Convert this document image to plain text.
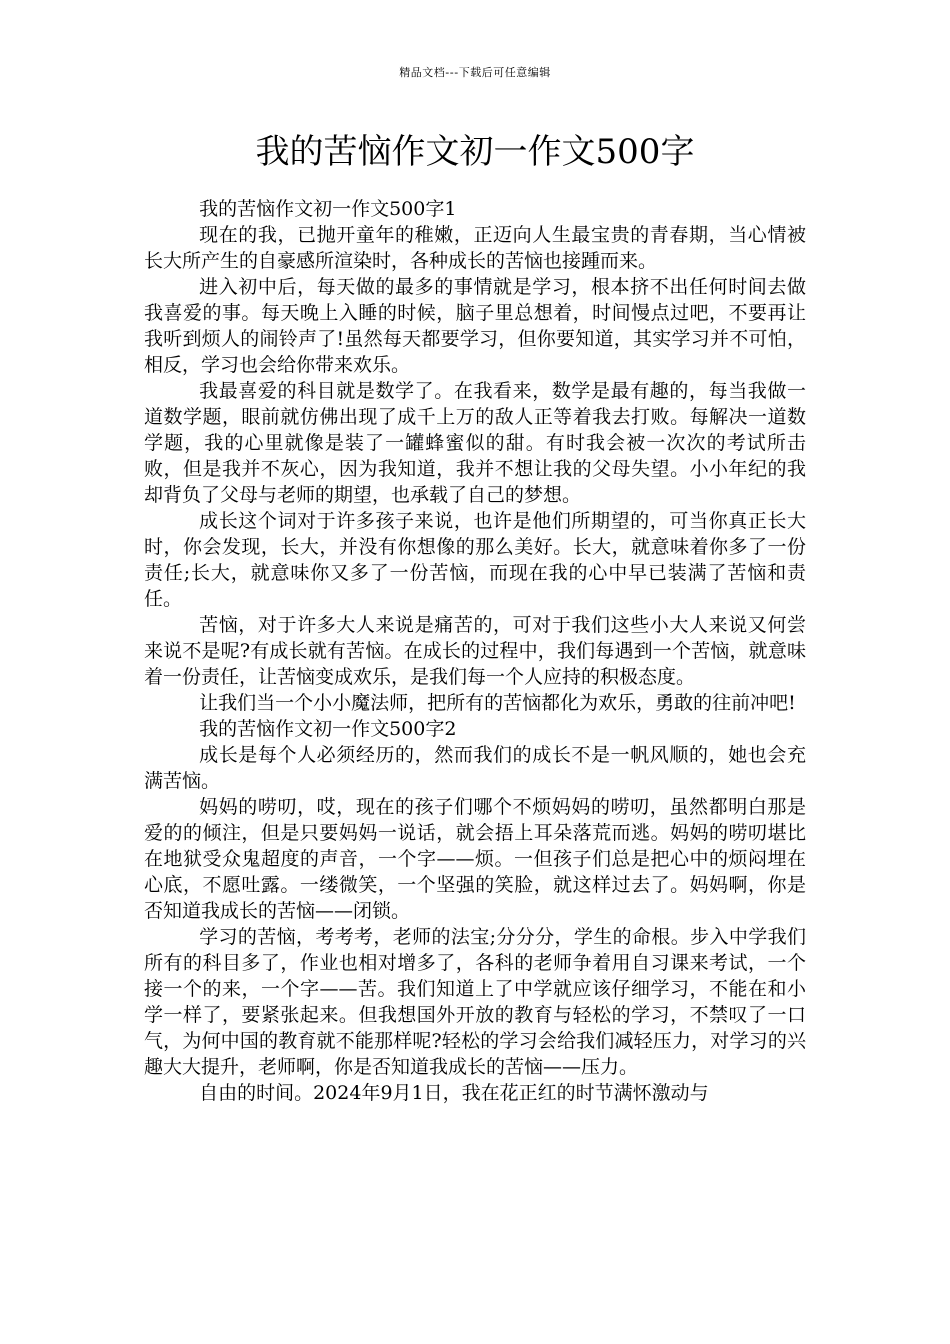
精品文档---下载后可任意编辑
我的苦恼作文初一作文500字

我的苦恼作文初一作文500字1

现在的我，已抛开童年的稚嫩，正迈向人生最宝贵的青春期，当心情被长大所产生的自豪感所渲染时，各种成长的苦恼也接踵而来。

进入初中后，每天做的最多的事情就是学习，根本挤不出任何时间去做我喜爱的事。每天晚上入睡的时候，脑子里总想着，时间慢点过吧，不要再让我听到烦人的闹铃声了!虽然每天都要学习，但你要知道，其实学习并不可怕，相反，学习也会给你带来欢乐。

我最喜爱的科目就是数学了。在我看来，数学是最有趣的，每当我做一道数学题，眼前就仿佛出现了成千上万的敌人正等着我去打败。每解决一道数学题，我的心里就像是装了一罐蜂蜜似的甜。有时我会被一次次的考试所击败，但是我并不灰心，因为我知道，我并不想让我的父母失望。小小年纪的我却背负了父母与老师的期望，也承载了自己的梦想。

成长这个词对于许多孩子来说，也许是他们所期望的，可当你真正长大时，你会发现，长大，并没有你想像的那么美好。长大，就意味着你多了一份责任;长大，就意味你又多了一份苦恼，而现在我的心中早已装满了苦恼和责任。

苦恼，对于许多大人来说是痛苦的，可对于我们这些小大人来说又何尝来说不是呢?有成长就有苦恼。在成长的过程中，我们每遇到一个苦恼，就意味着一份责任，让苦恼变成欢乐，是我们每一个人应持的积极态度。

让我们当一个小小魔法师，把所有的苦恼都化为欢乐，勇敢的往前冲吧!

我的苦恼作文初一作文500字2

成长是每个人必须经历的，然而我们的成长不是一帆风顺的，她也会充满苦恼。

妈妈的唠叨，哎，现在的孩子们哪个不烦妈妈的唠叨，虽然都明白那是爱的的倾注，但是只要妈妈一说话，就会捂上耳朵落荒而逃。妈妈的唠叨堪比在地狱受众鬼超度的声音，一个字——烦。一但孩子们总是把心中的烦闷埋在心底，不愿吐露。一缕微笑，一个坚强的笑脸，就这样过去了。妈妈啊，你是否知道我成长的苦恼——闭锁。

学习的苦恼，考考考，老师的法宝;分分分，学生的命根。步入中学我们所有的科目多了，作业也相对增多了，各科的老师争着用自习课来考试，一个接一个的来，一个字——苦。我们知道上了中学就应该仔细学习，不能在和小学一样了，要紧张起来。但我想国外开放的教育与轻松的学习，不禁叹了一口气，为何中国的教育就不能那样呢?轻松的学习会给我们减轻压力，对学习的兴趣大大提升，老师啊，你是否知道我成长的苦恼——压力。

自由的时间。2024年9月1日，我在花正红的时节满怀激动与
